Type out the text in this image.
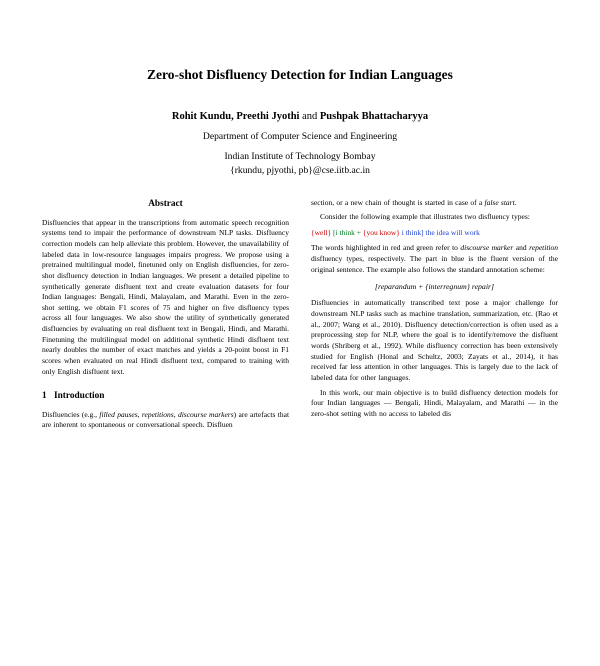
Zero-shot Disfluency Detection for Indian Languages
Rohit Kundu, Preethi Jyothi and Pushpak Bhattacharyya
Department of Computer Science and Engineering
Indian Institute of Technology Bombay
{rkundu, pjyothi, pb}@cse.iitb.ac.in
Abstract

Disfluencies that appear in the transcriptions from automatic speech recognition systems tend to impair the performance of downstream NLP tasks. Disfluency correction models can help alleviate this problem. However, the unavailability of labeled data in low-resource languages impairs progress. We propose using a pretrained multilingual model, finetuned only on English disfluencies, for zero-shot disfluency detection in Indian languages. We present a detailed pipeline to synthetically generate disfluent text and create evaluation datasets for four Indian languages: Bengali, Hindi, Malayalam, and Marathi. Even in the zero-shot setting, we obtain F1 scores of 75 and higher on five disfluency types across all four languages. We also show the utility of synthetically generated disfluencies by evaluating on real disfluent text in Bengali, Hindi, and Marathi. Finetuning the multilingual model on additional synthetic Hindi disfluent text nearly doubles the number of exact matches and yields a 20-point boost in F1 scores when evaluated on real Hindi disfluent text, compared to training with only English disfluent text.

1 Introduction

Disfluencies (e.g., filled pauses, repetitions, discourse markers) are artefacts that are inherent to spontaneous or conversational speech. Disfluen

section, or a new chain of thought is started in case of a false start.

Consider the following example that illustrates two disfluency types:

{well} [i think + {you know} i think] the idea will work

The words highlighted in red and green refer to discourse marker and repetition disfluency types, respectively. The part in blue is the fluent version of the original sentence. The example also follows the standard annotation scheme:

[reparandum + {interregnum} repair]

Disfluencies in automatically transcribed text pose a major challenge for downstream NLP tasks such as machine translation, summarization, etc. (Rao et al., 2007; Wang et al., 2010). Disfluency detection/correction is often used as a preprocessing step for NLP, where the goal is to identify/remove the disfluent words (Shriberg et al., 1992). While disfluency correction has been extensively studied for English (Honal and Schultz, 2003; Zayats et al., 2014), it has received far less attention in other languages. This is largely due to the lack of labeled data for other languages.

In this work, our main objective is to build disfluency detection models for four Indian languages — Bengali, Hindi, Malayalam, and Marathi — in the zero-shot setting with no access to labeled dis
